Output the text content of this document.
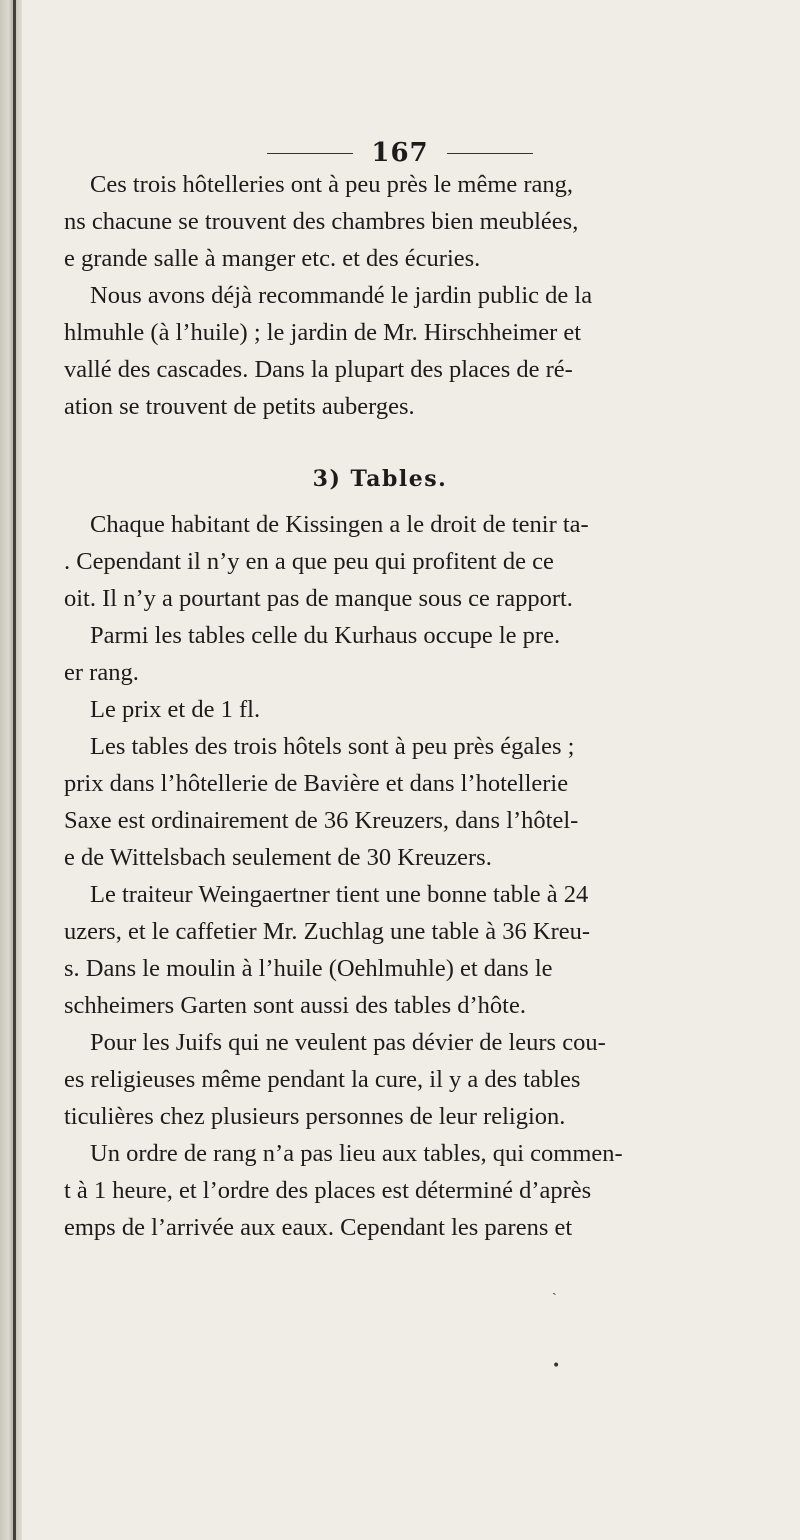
167
Ces trois hôtelleries ont à peu près le même rang,
ns chacune se trouvent des chambres bien meublées,
e grande salle à manger etc. et des écuries.
Nous avons déjà recommandé le jardin public de la
hlmuhle (à l’huile) ; le jardin de Mr. Hirschheimer et
vallé des cascades. Dans la plupart des places de ré-
ation se trouvent de petits auberges.
3) Tables.
Chaque habitant de Kissingen a le droit de tenir ta-
. Cependant il n’y en a que peu qui profitent de ce
oit. Il n’y a pourtant pas de manque sous ce rapport.
Parmi les tables celle du Kurhaus occupe le pre.
er rang.
Le prix et de 1 fl.
Les tables des trois hôtels sont à peu près égales ;
prix dans l’hôtellerie de Bavière et dans l’hotellerie
Saxe est ordinairement de 36 Kreuzers, dans l’hôtel-
e de Wittelsbach seulement de 30 Kreuzers.
Le traiteur Weingaertner tient une bonne table à 24
uzers, et le caffetier Mr. Zuchlag une table à 36 Kreu-
s. Dans le moulin à l’huile (Oehlmuhle) et dans le
schheimers Garten sont aussi des tables d’hôte.
Pour les Juifs qui ne veulent pas dévier de leurs cou-
es religieuses même pendant la cure, il y a des tables
ticulières chez plusieurs personnes de leur religion.
Un ordre de rang n’a pas lieu aux tables, qui commen-
t à 1 heure, et l’ordre des places est déterminé d’après
emps de l’arrivée aux eaux. Cependant les parens et
ˎ
•
